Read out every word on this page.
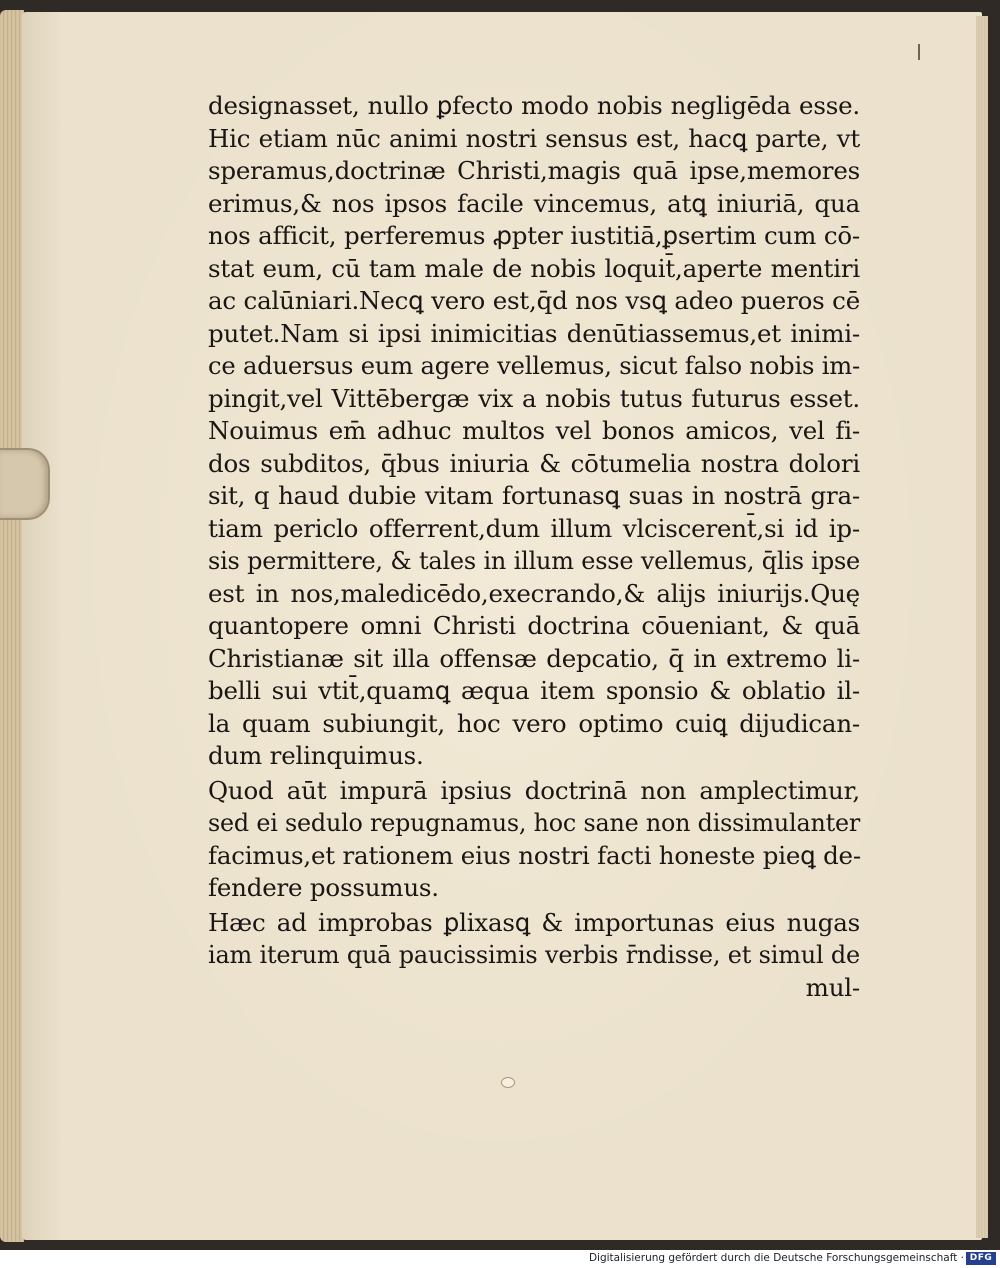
designasset, nullo ꝑfecto modo nobis negligēda esse.
Hic etiam nūc animi nostri sensus est, hacꝗ parte, vt
speramus,doctrinæ Christi,magis quā ipse,memores
erimus,& nos ipsos facile vincemus, atꝗ iniuriā, qua
nos afficit, perferemus ꝓpter iustitiā,ꝑsertim cum cō-
stat eum, cū tam male de nobis loquit̄,aperte mentiri
ac calūniari.Necꝗ vero est,q̄d nos vsꝗ adeo pueros cē
putet.Nam si ipsi inimicitias denūtiassemus,et inimi-
ce aduersus eum agere vellemus, sicut falso nobis im-
pingit,vel Vittēbergæ vix a nobis tutus futurus esset.
Nouimus em̄ adhuc multos vel bonos amicos, vel fi-
dos subditos, q̄bus iniuria & cōtumelia nostra dolori
sit, q haud dubie vitam fortunasꝗ suas in nostrā gra-
tiam periclo offerrent,dum illum vlciscerent̄,si id ip-
sis permittere, & tales in illum esse vellemus, q̄lis ipse
est in nos,maledicēdo,execrando,& alijs iniurijs.Quę
quantopere omni Christi doctrina cōueniant, & quā
Christianæ sit illa offensæ depcatio, q̄ in extremo li-
belli sui vtit̄,quamꝗ æqua item sponsio & oblatio il-
la quam subiungit, hoc vero optimo cuiꝗ dijudican-
dum relinquimus.
Quod aūt impurā ipsius doctrinā non amplectimur,
sed ei sedulo repugnamus, hoc sane non dissimulanter
facimus,et rationem eius nostri facti honeste pieꝗ de-
fendere possumus.
Hæc ad improbas ꝑlixasꝗ & importunas eius nugas
iam iterum quā paucissimis verbis r̄ndisse, et simul de
mul-
Digitalisierung gefördert durch die Deutsche Forschungsgemeinschaft · DFG
